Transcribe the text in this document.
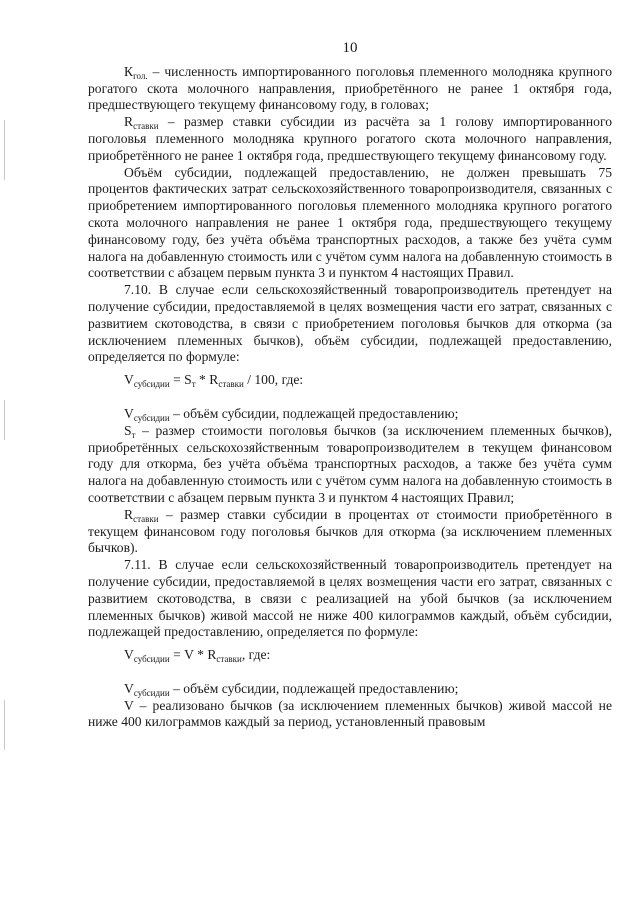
10

$К_{гол.}$ – численность импортированного поголовья племенного молодняка крупного рогатого скота молочного направления, приобретённого не ранее 1 октября года, предшествующего текущему финансовому году, в головах;

$R_{ставки}$ – размер ставки субсидии из расчёта за 1 голову импортированного поголовья племенного молодняка крупного рогатого скота молочного направления, приобретённого не ранее 1 октября года, предшествующего текущему финансовому году.

Объём субсидии, подлежащей предоставлению, не должен превышать 75 процентов фактических затрат сельскохозяйственного товаропроизводителя, связанных с приобретением импортированного поголовья племенного молодняка крупного рогатого скота молочного направления не ранее 1 октября года, предшествующего текущему финансовому году, без учёта объёма транспортных расходов, а также без учёта сумм налога на добавленную стоимость или с учётом сумм налога на добавленную стоимость в соответствии с абзацем первым пункта 3 и пунктом 4 настоящих Правил.

7.10. В случае если сельскохозяйственный товаропроизводитель претендует на получение субсидии, предоставляемой в целях возмещения части его затрат, связанных с развитием скотоводства, в связи с приобретением поголовья бычков для откорма (за исключением племенных бычков), объём субсидии, подлежащей предоставлению, определяется по формуле:

$V_{субсидии} = S_т * R_{ставки} / 100$, где:

$V_{субсидии}$ – объём субсидии, подлежащей предоставлению;

$S_т$ – размер стоимости поголовья бычков (за исключением племенных бычков), приобретённых сельскохозяйственным товаропроизводителем в текущем финансовом году для откорма, без учёта объёма транспортных расходов, а также без учёта сумм налога на добавленную стоимость или с учётом сумм налога на добавленную стоимость в соответствии с абзацем первым пункта 3 и пунктом 4 настоящих Правил;

$R_{ставки}$ – размер ставки субсидии в процентах от стоимости приобретённого в текущем финансовом году поголовья бычков для откорма (за исключением племенных бычков).

7.11. В случае если сельскохозяйственный товаропроизводитель претендует на получение субсидии, предоставляемой в целях возмещения части его затрат, связанных с развитием скотоводства, в связи с реализацией на убой бычков (за исключением племенных бычков) живой массой не ниже 400 килограммов каждый, объём субсидии, подлежащей предоставлению, определяется по формуле:

$V_{субсидии} = V * R_{ставки}$, где:

$V_{субсидии}$ – объём субсидии, подлежащей предоставлению;

V – реализовано бычков (за исключением племенных бычков) живой массой не ниже 400 килограммов каждый за период, установленный правовым
